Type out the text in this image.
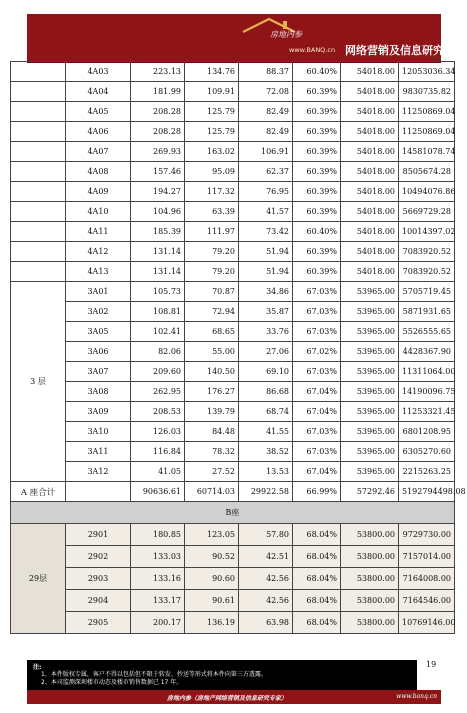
房地内参
www.BANQ.cn 网络营销及信息研究专家
	4A03	223.13	134.76	88.37	60.40%	54018.00	12053036.34
	4A04	181.99	109.91	72.08	60.39%	54018.00	9830735.82
	4A05	208.28	125.79	82.49	60.39%	54018.00	11250869.04
	4A06	208.28	125.79	82.49	60.39%	54018.00	11250869.04
	4A07	269.93	163.02	106.91	60.39%	54018.00	14581078.74
	4A08	157.46	95.09	62.37	60.39%	54018.00	8505674.28
	4A09	194.27	117.32	76.95	60.39%	54018.00	10494076.86
	4A10	104.96	63.39	41.57	60.39%	54018.00	5669729.28
	4A11	185.39	111.97	73.42	60.40%	54018.00	10014397.02
	4A12	131.14	79.20	51.94	60.39%	54018.00	7083920.52
	4A13	131.14	79.20	51.94	60.39%	54018.00	7083920.52
3 层	3A01	105.73	70.87	34.86	67.03%	53965.00	5705719.45
	3A02	108.81	72.94	35.87	67.03%	53965.00	5871931.65
	3A05	102.41	68.65	33.76	67.03%	53965.00	5526555.65
	3A06	82.06	55.00	27.06	67.02%	53965.00	4428367.90
	3A07	209.60	140.50	69.10	67.03%	53965.00	11311064.00
	3A08	262.95	176.27	86.68	67.04%	53965.00	14190096.75
	3A09	208.53	139.79	68.74	67.04%	53965.00	11253321.45
	3A10	126.03	84.48	41.55	67.03%	53965.00	6801208.95
	3A11	116.84	78.32	38.52	67.03%	53965.00	6305270.60
	3A12	41.05	27.52	13.53	67.04%	53965.00	2215263.25
A 座合计		90636.61	60714.03	29922.58	66.99%	57292.46	5192794498.08
B座							
29层	2901	180.85	123.05	57.80	68.04%	53800.00	9729730.00
	2902	133.03	90.52	42.51	68.04%	53800.00	7157014.00
	2903	133.16	90.60	42.56	68.04%	53800.00	7164008.00
	2904	133.17	90.61	42.56	68.04%	53800.00	7164546.00
	2905	200.17	136.19	63.98	68.04%	53800.00	10769146.00
注:
1、本件版权专属，客户不得以包括但不限于转发、抄送等形式将本件向第三方透露。
2、本司监测深圳楼市动态及楼市销售数据已 17 年。
19
房地内参（房地产网络营销及信息研究专家）	www.banq.cn
